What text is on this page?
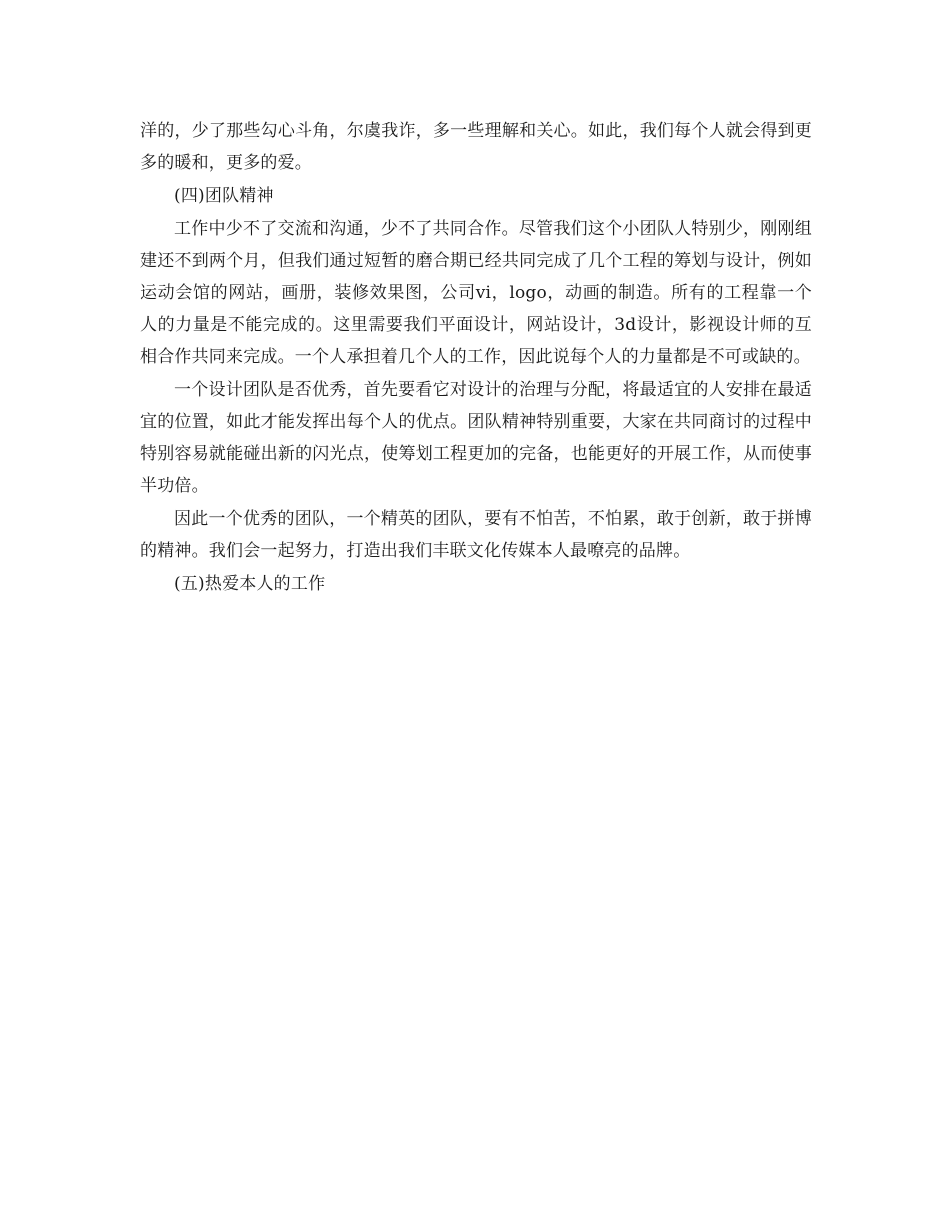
洋的，少了那些勾心斗角，尔虞我诈，多一些理解和关心。如此，我们每个人就会得到更多的暖和，更多的爱。

(四)团队精神

工作中少不了交流和沟通，少不了共同合作。尽管我们这个小团队人特别少，刚刚组建还不到两个月，但我们通过短暂的磨合期已经共同完成了几个工程的筹划与设计，例如运动会馆的网站，画册，装修效果图，公司vi，logo，动画的制造。所有的工程靠一个人的力量是不能完成的。这里需要我们平面设计，网站设计，3d设计，影视设计师的互相合作共同来完成。一个人承担着几个人的工作，因此说每个人的力量都是不可或缺的。

一个设计团队是否优秀，首先要看它对设计的治理与分配，将最适宜的人安排在最适宜的位置，如此才能发挥出每个人的优点。团队精神特别重要，大家在共同商讨的过程中特别容易就能碰出新的闪光点，使筹划工程更加的完备，也能更好的开展工作，从而使事半功倍。

因此一个优秀的团队，一个精英的团队，要有不怕苦，不怕累，敢于创新，敢于拼博的精神。我们会一起努力，打造出我们丰联文化传媒本人最嘹亮的品牌。

(五)热爱本人的工作
